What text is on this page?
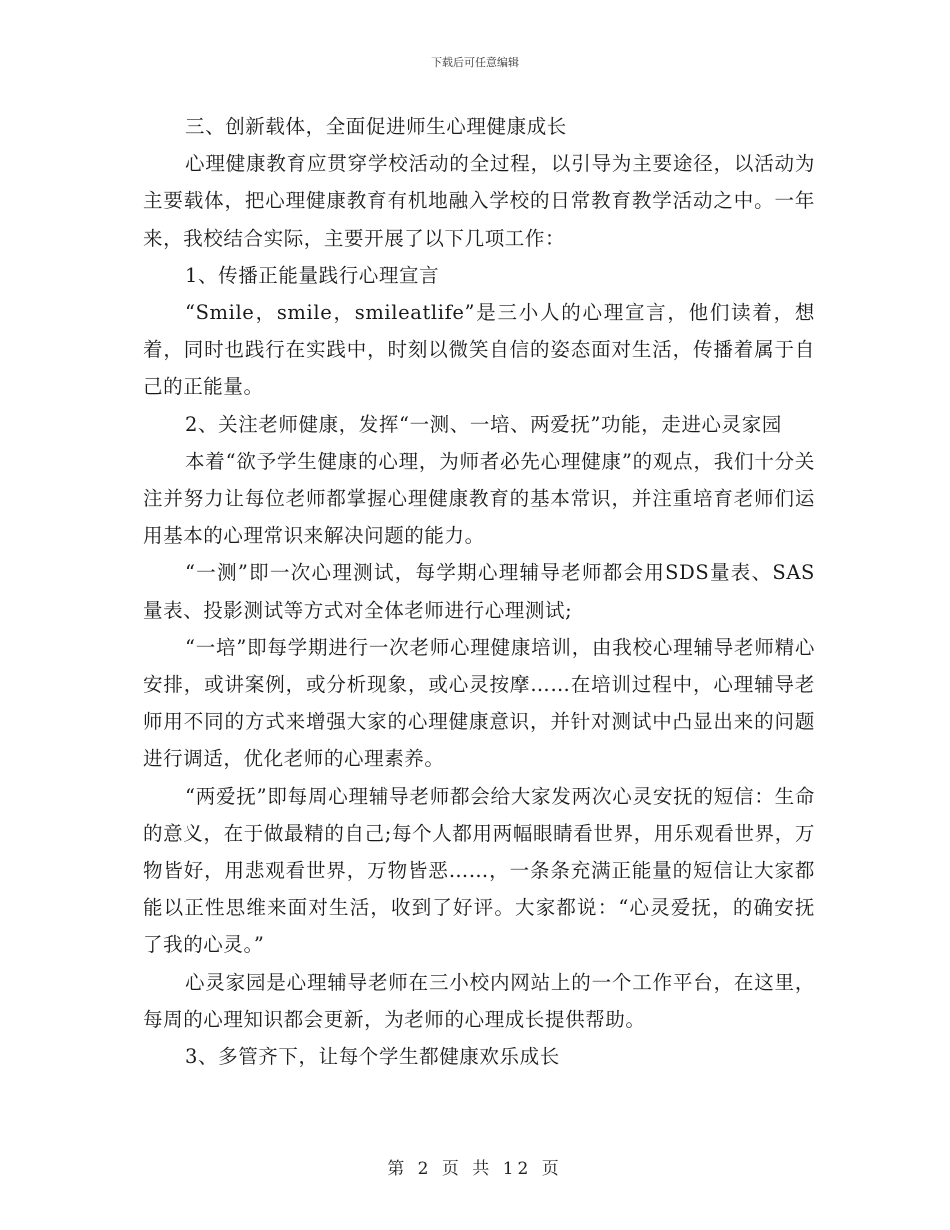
下载后可任意编辑

三、创新载体，全面促进师生心理健康成长

心理健康教育应贯穿学校活动的全过程，以引导为主要途径，以活动为主要载体，把心理健康教育有机地融入学校的日常教育教学活动之中。一年来，我校结合实际，主要开展了以下几项工作：

1、传播正能量践行心理宣言

“Smile，smile，smileatlife”是三小人的心理宣言，他们读着，想着，同时也践行在实践中，时刻以微笑自信的姿态面对生活，传播着属于自己的正能量。

2、关注老师健康，发挥“一测、一培、两爱抚”功能，走进心灵家园

本着“欲予学生健康的心理，为师者必先心理健康”的观点，我们十分关注并努力让每位老师都掌握心理健康教育的基本常识，并注重培育老师们运用基本的心理常识来解决问题的能力。

“一测”即一次心理测试，每学期心理辅导老师都会用SDS量表、SAS量表、投影测试等方式对全体老师进行心理测试;

“一培”即每学期进行一次老师心理健康培训，由我校心理辅导老师精心安排，或讲案例，或分析现象，或心灵按摩……在培训过程中，心理辅导老师用不同的方式来增强大家的心理健康意识，并针对测试中凸显出来的问题进行调适，优化老师的心理素养。

“两爱抚”即每周心理辅导老师都会给大家发两次心灵安抚的短信：生命的意义，在于做最精的自己;每个人都用两幅眼睛看世界，用乐观看世界，万物皆好，用悲观看世界，万物皆恶……，一条条充满正能量的短信让大家都能以正性思维来面对生活，收到了好评。大家都说：“心灵爱抚，的确安抚了我的心灵。”

心灵家园是心理辅导老师在三小校内网站上的一个工作平台，在这里，每周的心理知识都会更新，为老师的心理成长提供帮助。

3、多管齐下，让每个学生都健康欢乐成长

第 2 页 共 12 页
